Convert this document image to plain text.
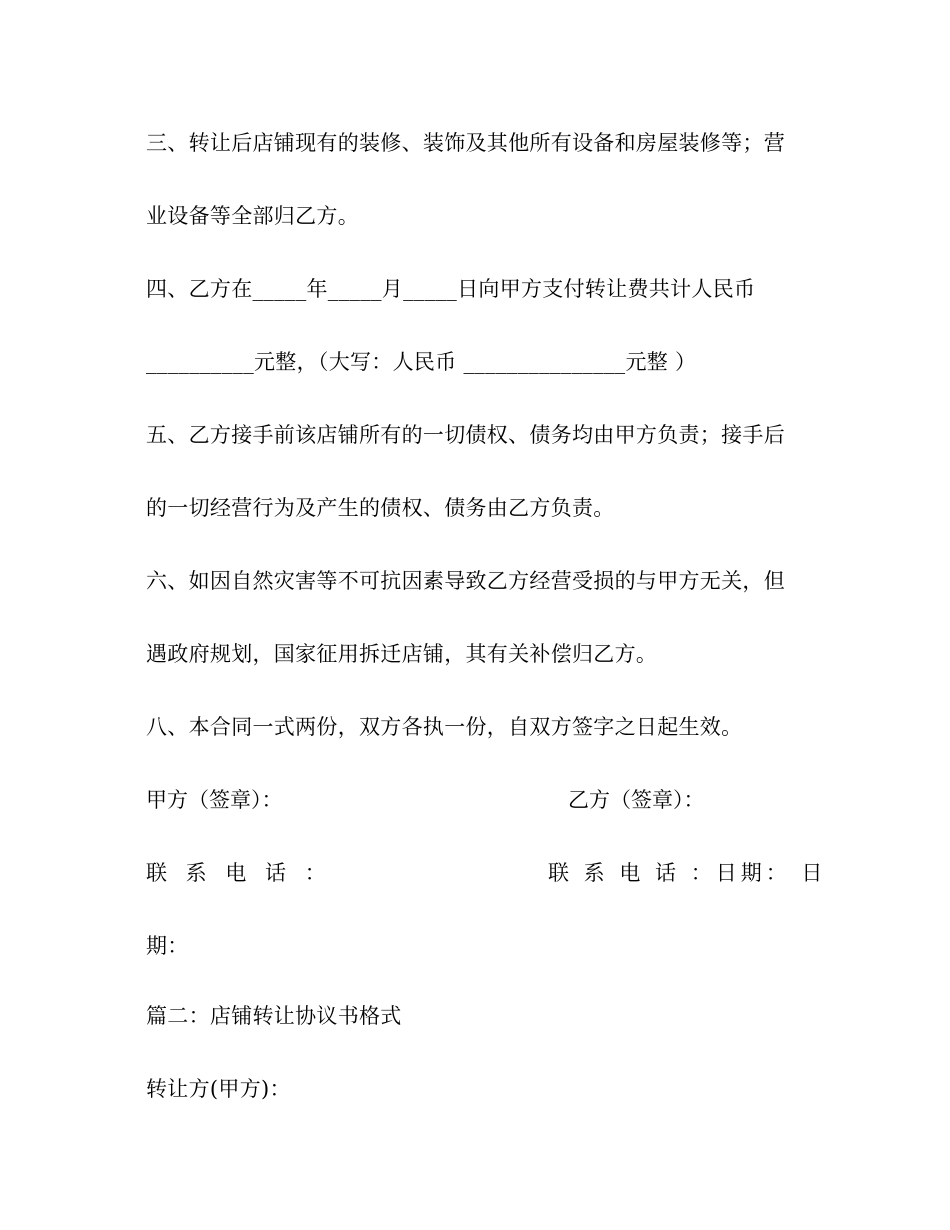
三、转让后店铺现有的装修、装饰及其他所有设备和房屋装修等；营
业设备等全部归乙方。
四、乙方在_____年_____月_____日向甲方支付转让费共计人民币
__________元整，（大写：人民币 _______________元整 ）
五、乙方接手前该店铺所有的一切债权、债务均由甲方负责；接手后
的一切经营行为及产生的债权、债务由乙方负责。
六、如因自然灾害等不可抗因素导致乙方经营受损的与甲方无关，但
遇政府规划，国家征用拆迁店铺，其有关补偿归乙方。
八、本合同一式两份，双方各执一份，自双方签字之日起生效。
甲方（签章）：	乙方（签章）：
联 系 电 话 ：	联 系 电 话 ：日期： 日
期：
篇二：店铺转让协议书格式
转让方(甲方)：
